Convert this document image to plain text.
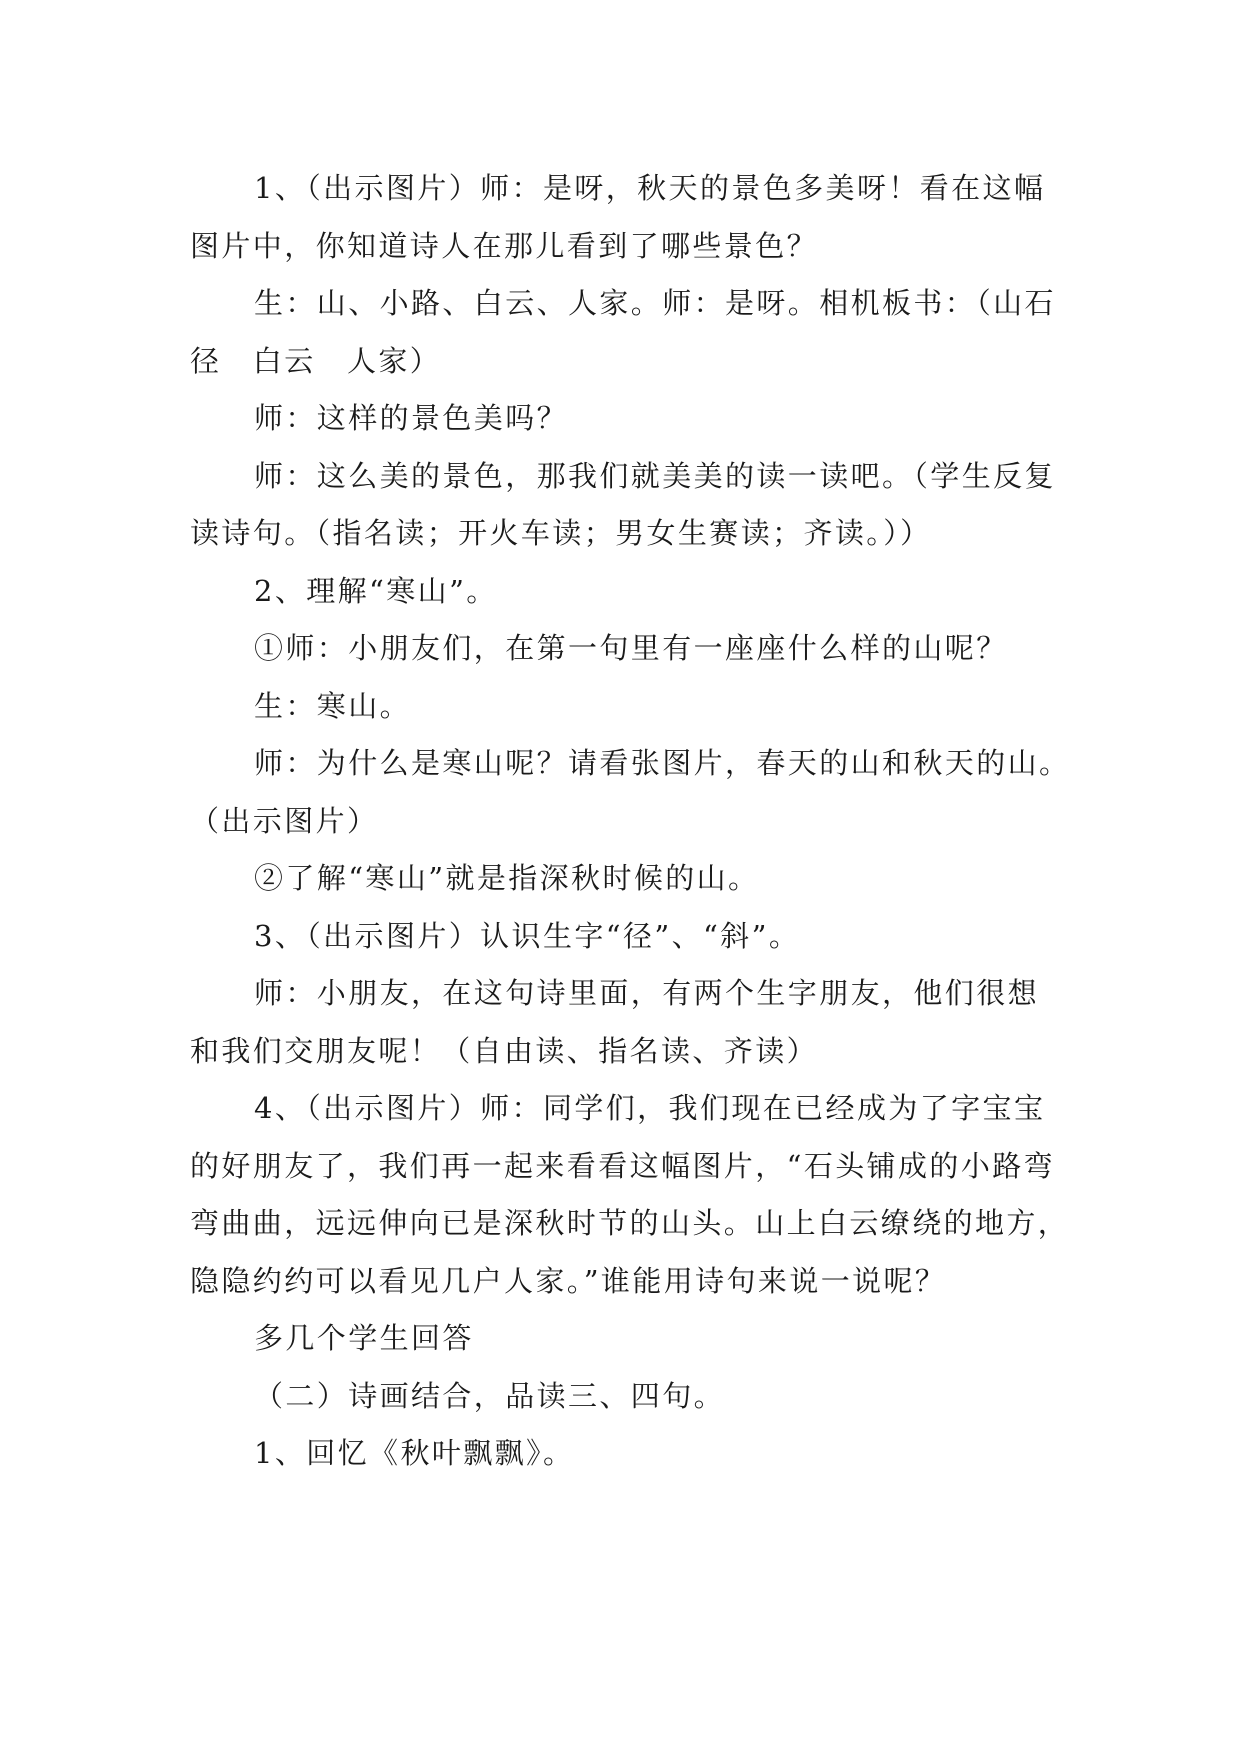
1、（出示图片）师：是呀，秋天的景色多美呀！看在这幅图片中，你知道诗人在那儿看到了哪些景色？

生：山、小路、白云、人家。师：是呀。相机板书：（山石径　白云　人家）

师：这样的景色美吗？

师：这么美的景色，那我们就美美的读一读吧。（学生反复读诗句。（指名读；开火车读；男女生赛读；齐读。））

2、理解“寒山”。

①师：小朋友们，在第一句里有一座座什么样的山呢？

生：寒山。

师：为什么是寒山呢？请看张图片，春天的山和秋天的山。　（出示图片）

②了解“寒山”就是指深秋时候的山。

3、（出示图片）认识生字“径”、“斜”。

师：小朋友，在这句诗里面，有两个生字朋友，他们很想和我们交朋友呢！（自由读、指名读、齐读）

4、（出示图片）师：同学们，我们现在已经成为了字宝宝的好朋友了，我们再一起来看看这幅图片，“石头铺成的小路弯弯曲曲，远远伸向已是深秋时节的山头。山上白云缭绕的地方，隐隐约约可以看见几户人家。”谁能用诗句来说一说呢？

多几个学生回答

（二）诗画结合，品读三、四句。

1、回忆《秋叶飘飘》。
